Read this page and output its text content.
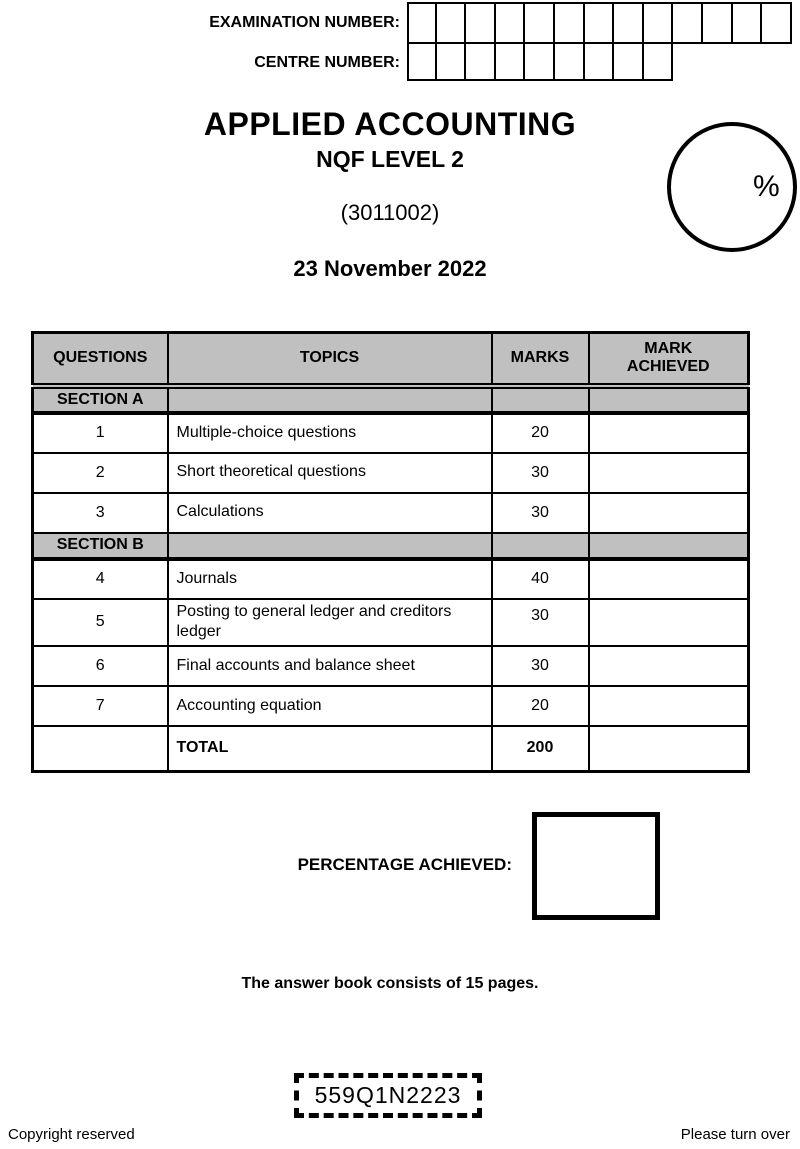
EXAMINATION NUMBER:
CENTRE NUMBER:
APPLIED ACCOUNTING
NQF LEVEL 2
(3011002)
23 November 2022
%
QUESTIONS	TOPICS	MARKS	MARK ACHIEVED
SECTION A			
1	Multiple-choice questions	20	
2	Short theoretical questions	30	
3	Calculations	30	
SECTION B			
4	Journals	40	
5	Posting to general ledger and creditors ledger	30	
6	Final accounts and balance sheet	30	
7	Accounting equation	20	
	TOTAL	200	
PERCENTAGE ACHIEVED:
The answer book consists of 15 pages.
559Q1N2223
Copyright reserved	Please turn over
